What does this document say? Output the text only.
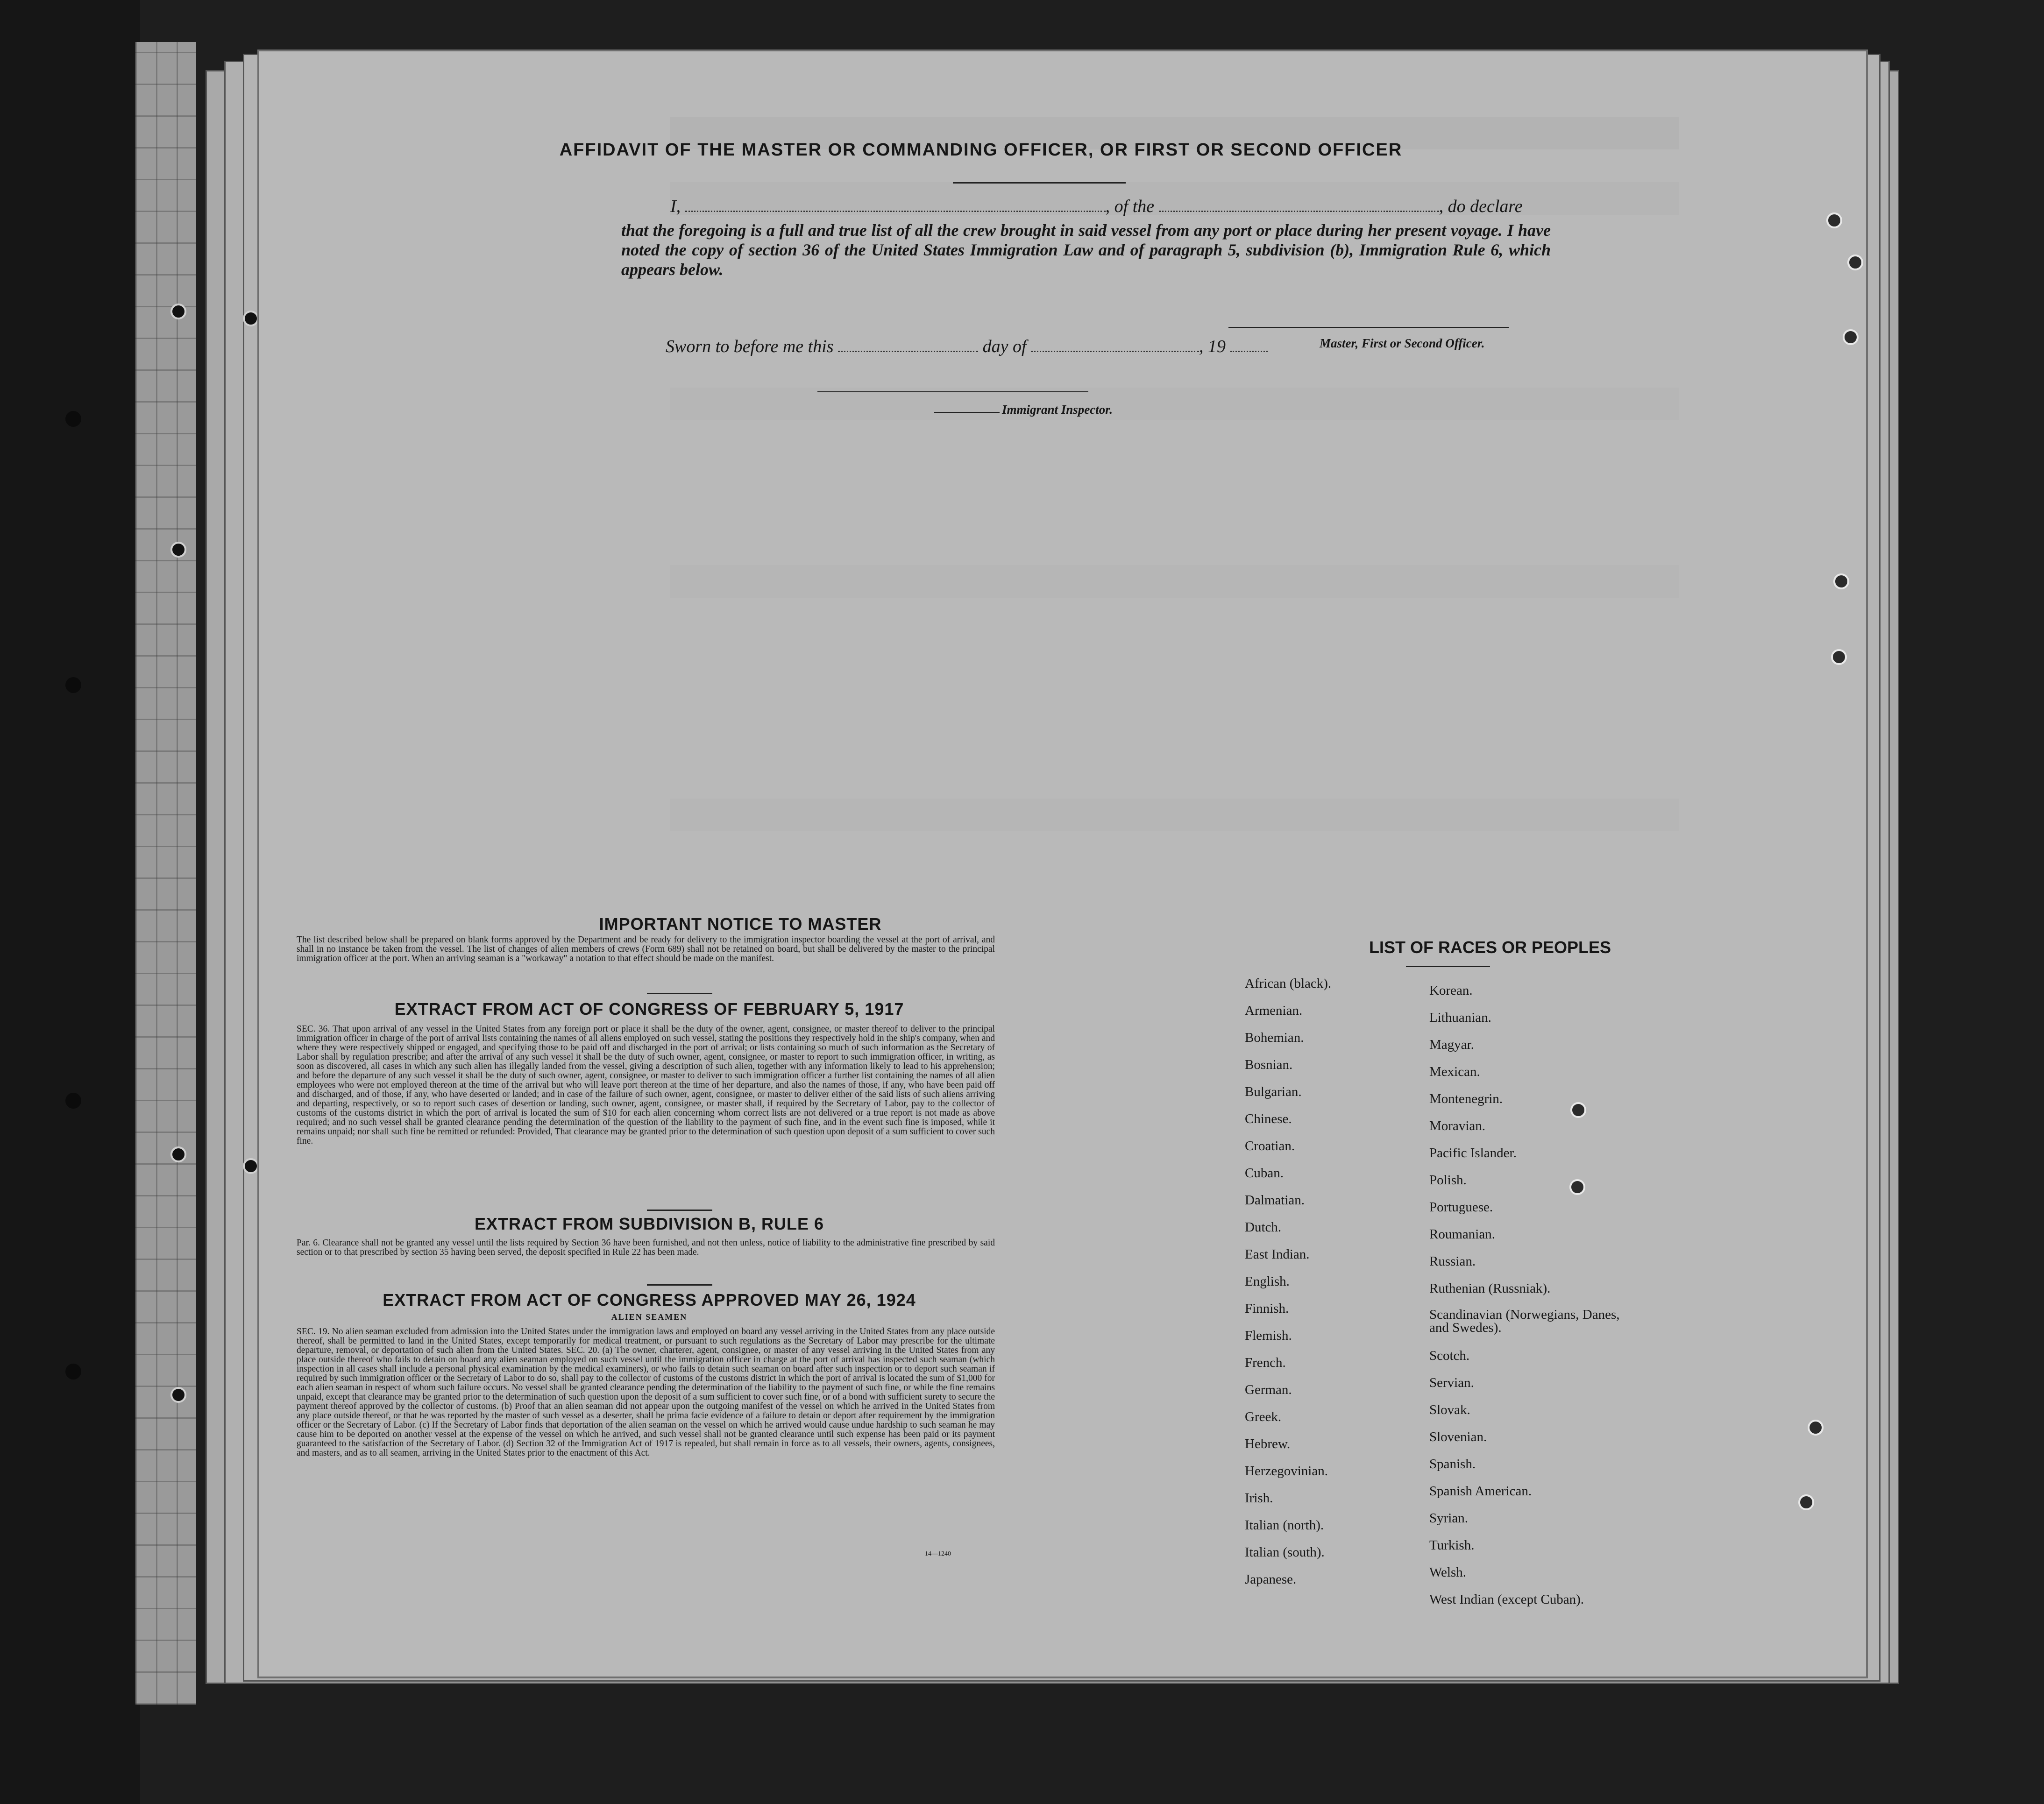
AFFIDAVIT OF THE MASTER OR COMMANDING OFFICER, OR FIRST OR SECOND OFFICER
I,	, of the	, do declare
that the foregoing is a full and true list of all the crew brought in said vessel from any port or place during her present voyage. I have noted the copy of section 36 of the United States Immigration Law and of paragraph 5, subdivision (b), Immigration Rule 6, which appears below.
Sworn to before me this	day of	, 19	Master, First or Second Officer.
Immigrant Inspector.
IMPORTANT NOTICE TO MASTER
The list described below shall be prepared on blank forms approved by the Department and be ready for delivery to the immigration inspector boarding the vessel at the port of arrival, and shall in no instance be taken from the vessel. The list of changes of alien members of crews (Form 689) shall not be retained on board, but shall be delivered by the master to the principal immigration officer at the port. When an arriving seaman is a "workaway" a notation to that effect should be made on the manifest.
EXTRACT FROM ACT OF CONGRESS OF FEBRUARY 5, 1917
SEC. 36. That upon arrival of any vessel in the United States from any foreign port or place it shall be the duty of the owner, agent, consignee, or master thereof to deliver to the principal immigration officer in charge of the port of arrival lists containing the names of all aliens employed on such vessel, stating the positions they respectively hold in the ship's company, when and where they were respectively shipped or engaged, and specifying those to be paid off and discharged in the port of arrival; or lists containing so much of such information as the Secretary of Labor shall by regulation prescribe; and after the arrival of any such vessel it shall be the duty of such owner, agent, consignee, or master to report to such immigration officer, in writing, as soon as discovered, all cases in which any such alien has illegally landed from the vessel, giving a description of such alien, together with any information likely to lead to his apprehension; and before the departure of any such vessel it shall be the duty of such owner, agent, consignee, or master to deliver to such immigration officer a further list containing the names of all alien employees who were not employed thereon at the time of the arrival but who will leave port thereon at the time of her departure, and also the names of those, if any, who have been paid off and discharged, and of those, if any, who have deserted or landed; and in case of the failure of such owner, agent, consignee, or master to deliver either of the said lists of such aliens arriving and departing, respectively, or so to report such cases of desertion or landing, such owner, agent, consignee, or master shall, if required by the Secretary of Labor, pay to the collector of customs of the customs district in which the port of arrival is located the sum of $10 for each alien concerning whom correct lists are not delivered or a true report is not made as above required; and no such vessel shall be granted clearance pending the determination of the question of the liability to the payment of such fine, and in the event such fine is imposed, while it remains unpaid; nor shall such fine be remitted or refunded: Provided, That clearance may be granted prior to the determination of such question upon deposit of a sum sufficient to cover such fine.
EXTRACT FROM SUBDIVISION B, RULE 6
Par. 6. Clearance shall not be granted any vessel until the lists required by Section 36 have been furnished, and not then unless, notice of liability to the administrative fine prescribed by said section or to that prescribed by section 35 having been served, the deposit specified in Rule 22 has been made.
EXTRACT FROM ACT OF CONGRESS APPROVED MAY 26, 1924
ALIEN SEAMEN
SEC. 19. No alien seaman excluded from admission into the United States under the immigration laws and employed on board any vessel arriving in the United States from any place outside thereof, shall be permitted to land in the United States, except temporarily for medical treatment, or pursuant to such regulations as the Secretary of Labor may prescribe for the ultimate departure, removal, or deportation of such alien from the United States. SEC. 20. (a) The owner, charterer, agent, consignee, or master of any vessel arriving in the United States from any place outside thereof who fails to detain on board any alien seaman employed on such vessel until the immigration officer in charge at the port of arrival has inspected such seaman (which inspection in all cases shall include a personal physical examination by the medical examiners), or who fails to detain such seaman on board after such inspection or to deport such seaman if required by such immigration officer or the Secretary of Labor to do so, shall pay to the collector of customs of the customs district in which the port of arrival is located the sum of $1,000 for each alien seaman in respect of whom such failure occurs. No vessel shall be granted clearance pending the determination of the liability to the payment of such fine, or while the fine remains unpaid, except that clearance may be granted prior to the determination of such question upon the deposit of a sum sufficient to cover such fine, or of a bond with sufficient surety to secure the payment thereof approved by the collector of customs. (b) Proof that an alien seaman did not appear upon the outgoing manifest of the vessel on which he arrived in the United States from any place outside thereof, or that he was reported by the master of such vessel as a deserter, shall be prima facie evidence of a failure to detain or deport after requirement by the immigration officer or the Secretary of Labor. (c) If the Secretary of Labor finds that deportation of the alien seaman on the vessel on which he arrived would cause undue hardship to such seaman he may cause him to be deported on another vessel at the expense of the vessel on which he arrived, and such vessel shall not be granted clearance until such expense has been paid or its payment guaranteed to the satisfaction of the Secretary of Labor. (d) Section 32 of the Immigration Act of 1917 is repealed, but shall remain in force as to all vessels, their owners, agents, consignees, and masters, and as to all seamen, arriving in the United States prior to the enactment of this Act.
14—1240
LIST OF RACES OR PEOPLES
African (black).
Armenian.
Bohemian.
Bosnian.
Bulgarian.
Chinese.
Croatian.
Cuban.
Dalmatian.
Dutch.
East Indian.
English.
Finnish.
Flemish.
French.
German.
Greek.
Hebrew.
Herzegovinian.
Irish.
Italian (north).
Italian (south).
Japanese.
Korean.
Lithuanian.
Magyar.
Mexican.
Montenegrin.
Moravian.
Pacific Islander.
Polish.
Portuguese.
Roumanian.
Russian.
Ruthenian (Russniak).
Scandinavian (Norwegians, Danes, and Swedes).
Scotch.
Servian.
Slovak.
Slovenian.
Spanish.
Spanish American.
Syrian.
Turkish.
Welsh.
West Indian (except Cuban).
